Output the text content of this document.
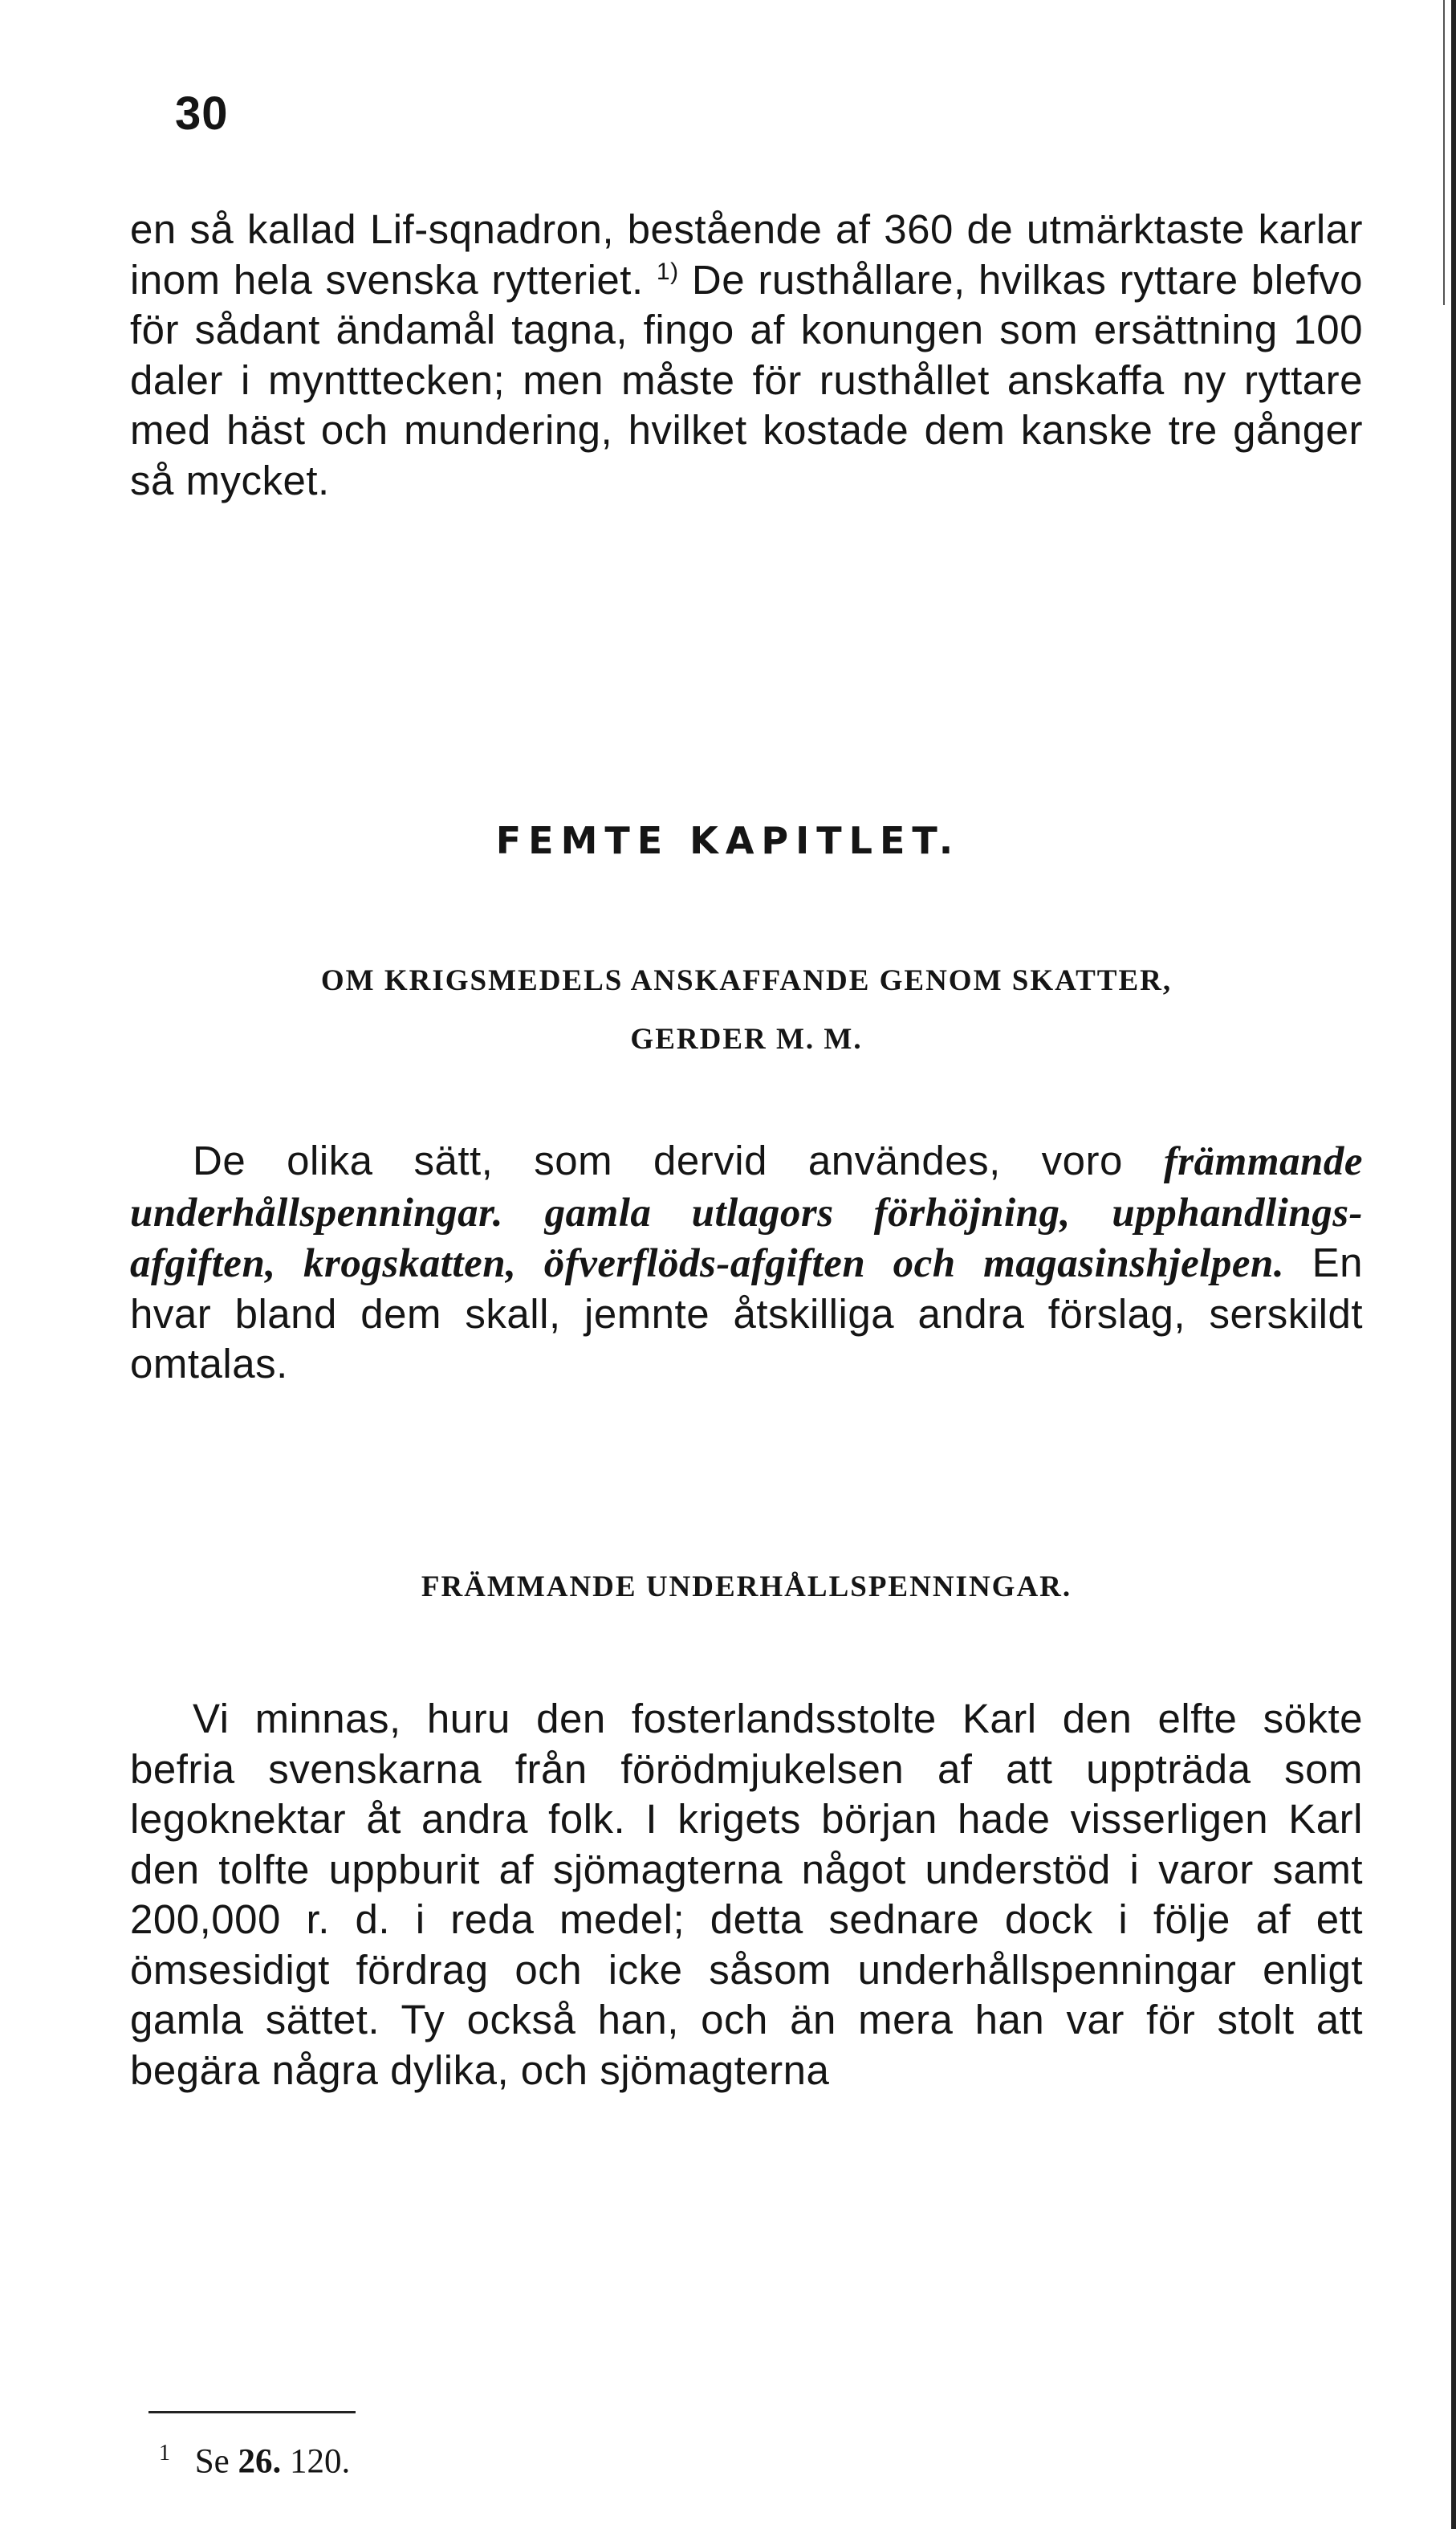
30

en så kallad Lif-sqnadron, bestående af 360 de utmärktaste karlar inom hela svenska rytteriet. $^{1)}$ De rusthållare, hvilkas ryttare blefvo för sådant ändamål tagna, fingo af konungen som ersättning 100 daler i myntttecken; men måste för rusthållet anskaffa ny ryttare med häst och mundering, hvilket kostade dem kanske tre gånger så mycket.

FEMTE KAPITLET.
OM KRIGSMEDELS ANSKAFFANDE GENOM SKATTER,
GERDER M. M.

De olika sätt, som dervid användes, voro främmande underhållspenningar. gamla utlagors förhöjning, upphandlings-afgiften, krogskatten, öfverflöds-afgiften och magasinshjelpen. En hvar bland dem skall, jemnte åtskilliga andra förslag, serskildt omtalas.

FRÄMMANDE UNDERHÅLLSPENNINGAR.

Vi minnas, huru den fosterlandsstolte Karl den elfte sökte befria svenskarna från förödmjukelsen af att uppträda som legoknektar åt andra folk. I krigets början hade visserligen Karl den tolfte uppburit af sjömagterna något understöd i varor samt 200,000 r. d. i reda medel; detta sednare dock i följe af ett ömsesidigt fördrag och icke såsom underhållspenningar enligt gamla sättet. Ty också han, och än mera han var för stolt att begära några dylika, och sjömagterna

$^1$ Se 26. 120.
